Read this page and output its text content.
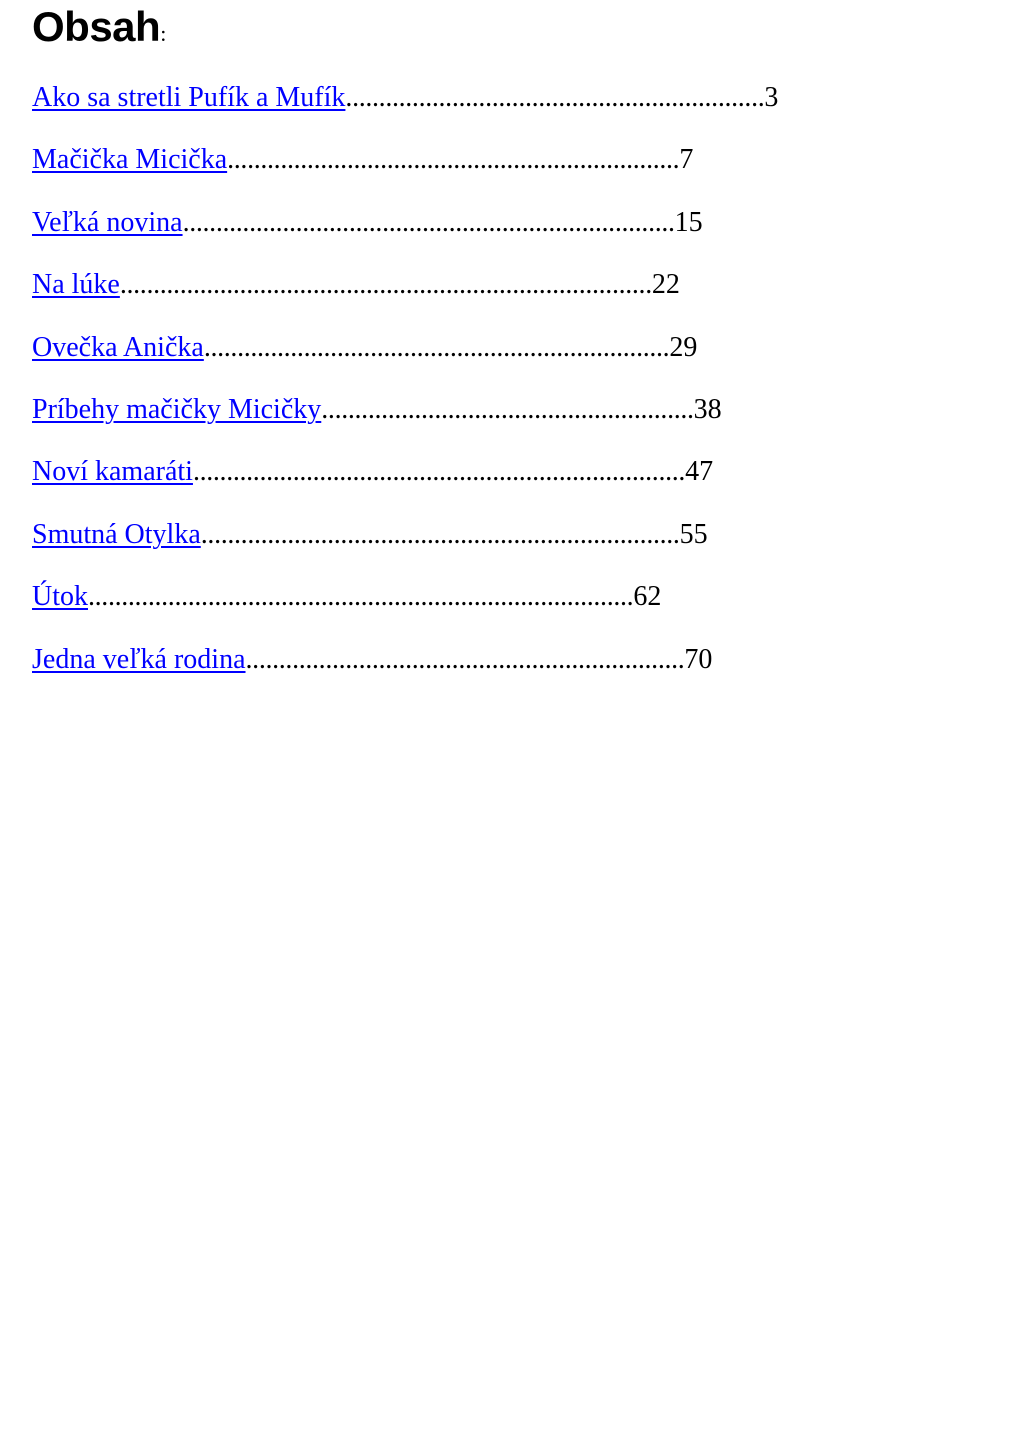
Obsah:
Ako sa stretli Pufík a Mufík ............................................................... 3
Mačička Micička .................................................................... 7
Veľká novina .......................................................................... 15
Na lúke ................................................................................ 22
Ovečka Anička ...................................................................... 29
Príbehy mačičky Micičky ........................................................ 38
Noví kamaráti .......................................................................... 47
Smutná Otylka ........................................................................ 55
Útok .................................................................................. 62
Jedna veľká rodina .................................................................. 70
